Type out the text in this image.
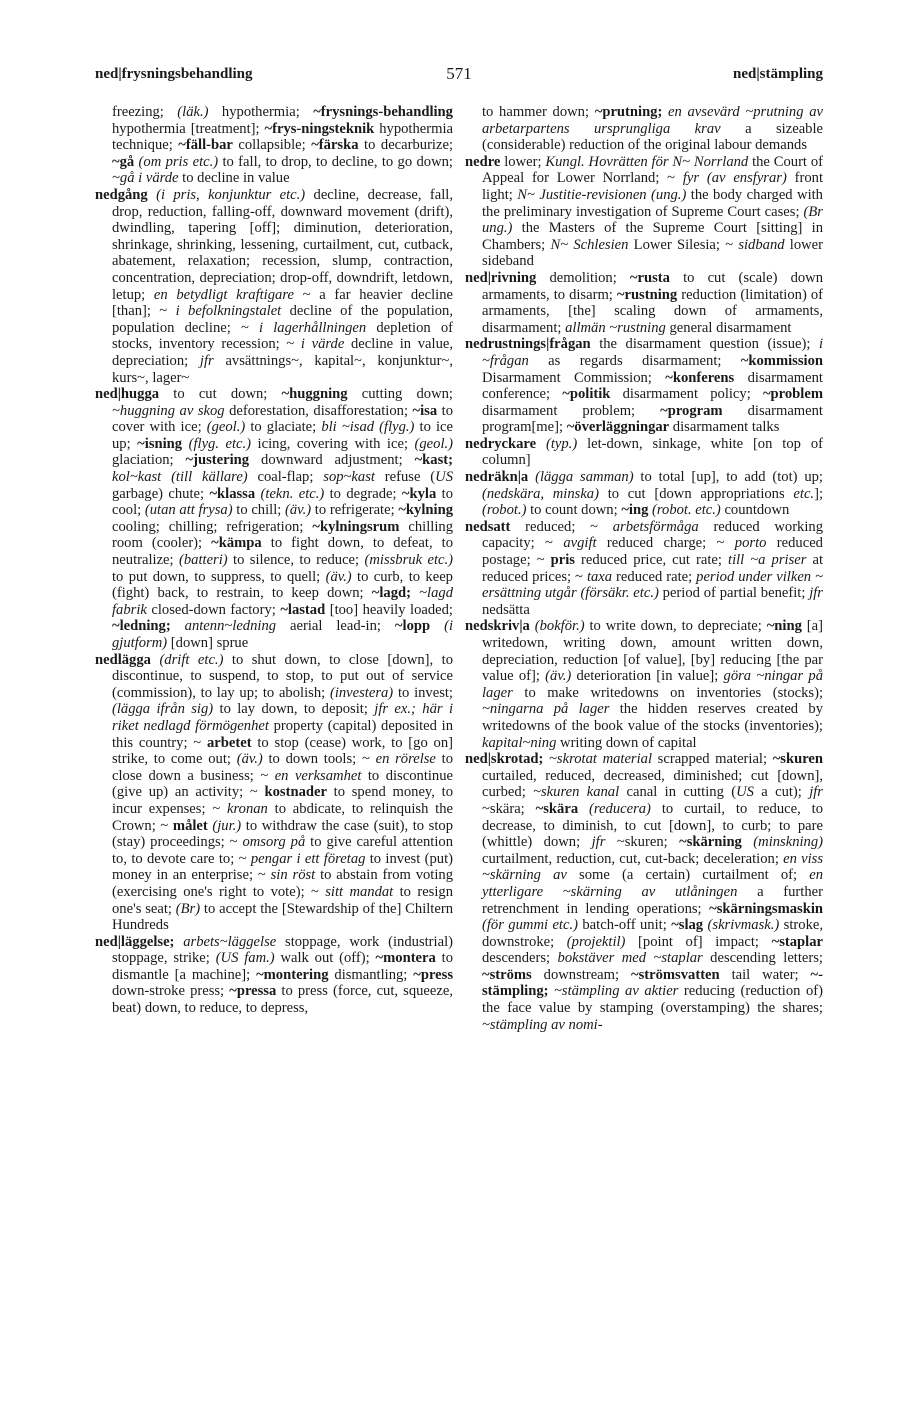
ned|frysningsbehandling	571	ned|stämpling

freezing; (läk.) hypothermia; ~frysnings-behandling hypothermia [treatment]; ~frys-ningsteknik hypothermia technique; ~fäll-bar collapsible; ~färska to decarburize; ~gå (om pris etc.) to fall, to drop, to decline, to go down; ~gå i värde to decline in value

nedgång (i pris, konjunktur etc.) decline, decrease, fall, drop, reduction, falling-off, downward movement (drift), dwindling, tapering [off]; diminution, deterioration, shrinkage, shrinking, lessening, curtailment, cut, cutback, abatement, relaxation; recession, slump, contraction, concentration, depreciation; drop-off, downdrift, letdown, letup; en betydligt kraftigare ~ a far heavier decline [than]; ~ i befolkningstalet decline of the population, population decline; ~ i lagerhållningen depletion of stocks, inventory recession; ~ i värde decline in value, depreciation; jfr avsättnings~, kapital~, konjunktur~, kurs~, lager~

ned|hugga to cut down; ~huggning cutting down; ~huggning av skog deforestation, disafforestation; ~isa to cover with ice; (geol.) to glaciate; bli ~isad (flyg.) to ice up; ~isning (flyg. etc.) icing, covering with ice; (geol.) glaciation; ~justering downward adjustment; ~kast; kol~kast (till källare) coal-flap; sop~kast refuse (US garbage) chute; ~klassa (tekn. etc.) to degrade; ~kyla to cool; (utan att frysa) to chill; (äv.) to refrigerate; ~kylning cooling; chilling; refrigeration; ~kylningsrum chilling room (cooler); ~kämpa to fight down, to defeat, to neutralize; (batteri) to silence, to reduce; (missbruk etc.) to put down, to suppress, to quell; (äv.) to curb, to keep (fight) back, to restrain, to keep down; ~lagd; ~lagd fabrik closed-down factory; ~lastad [too] heavily loaded; ~ledning; antenn~ledning aerial lead-in; ~lopp (i gjutform) [down] sprue

nedlägga (drift etc.) to shut down, to close [down], to discontinue, to suspend, to stop, to put out of service (commission), to lay up; to abolish; (investera) to invest; (lägga ifrån sig) to lay down, to deposit; jfr ex.; här i riket nedlagd förmögenhet property (capital) deposited in this country; ~ arbetet to stop (cease) work, to [go on] strike, to come out; (äv.) to down tools; ~ en rörelse to close down a business; ~ en verksamhet to discontinue (give up) an activity; ~ kostnader to spend money, to incur expenses; ~ kronan to abdicate, to relinquish the Crown; ~ målet (jur.) to withdraw the case (suit), to stop (stay) proceedings; ~ omsorg på to give careful attention to, to devote care to; ~ pengar i ett företag to invest (put) money in an enterprise; ~ sin röst to abstain from voting (exercising one's right to vote); ~ sitt mandat to resign one's seat; (Br) to accept the [Stewardship of the] Chiltern Hundreds

ned|läggelse; arbets~läggelse stoppage, work (industrial) stoppage, strike; (US fam.) walk out (off); ~montera to dismantle [a machine]; ~montering dismantling; ~press down-stroke press; ~pressa to press (force, cut, squeeze, beat) down, to reduce, to depress,

to hammer down; ~prutning; en avsevärd ~prutning av arbetarpartens ursprungliga krav a sizeable (considerable) reduction of the original labour demands

nedre lower; Kungl. Hovrätten för N~ Norrland the Court of Appeal for Lower Norrland; ~ fyr (av ensfyrar) front light; N~ Justitie-revisionen (ung.) the body charged with the preliminary investigation of Supreme Court cases; (Br ung.) the Masters of the Supreme Court [sitting] in Chambers; N~ Schlesien Lower Silesia; ~ sidband lower sideband

ned|rivning demolition; ~rusta to cut (scale) down armaments, to disarm; ~rustning reduction (limitation) of armaments, [the] scaling down of armaments, disarmament; allmän ~rustning general disarmament

nedrustnings|frågan the disarmament question (issue); i ~frågan as regards disarmament; ~kommission Disarmament Commission; ~konferens disarmament conference; ~politik disarmament policy; ~problem disarmament problem; ~program disarmament program[me]; ~överläggningar disarmament talks

nedryckare (typ.) let-down, sinkage, white [on top of column]

nedräkn|a (lägga samman) to total [up], to add (tot) up; (nedskära, minska) to cut [down appropriations etc.]; (robot.) to count down; ~ing (robot. etc.) countdown

nedsatt reduced; ~ arbetsförmåga reduced working capacity; ~ avgift reduced charge; ~ porto reduced postage; ~ pris reduced price, cut rate; till ~a priser at reduced prices; ~ taxa reduced rate; period under vilken ~ ersättning utgår (försäkr. etc.) period of partial benefit; jfr nedsätta

nedskriv|a (bokför.) to write down, to depreciate; ~ning [a] writedown, writing down, amount written down, depreciation, reduction [of value], [by] reducing [the par value of]; (äv.) deterioration [in value]; göra ~ningar på lager to make writedowns on inventories (stocks); ~ningarna på lager the hidden reserves created by writedowns of the book value of the stocks (inventories); kapital~ning writing down of capital

ned|skrotad; ~skrotat material scrapped material; ~skuren curtailed, reduced, decreased, diminished; cut [down], curbed; ~skuren kanal canal in cutting (US a cut); jfr ~skära; ~skära (reducera) to curtail, to reduce, to decrease, to diminish, to cut [down], to curb; to pare (whittle) down; jfr ~skuren; ~skärning (minskning) curtailment, reduction, cut, cut-back; deceleration; en viss ~skärning av some (a certain) curtailment of; en ytterligare ~skärning av utlåningen a further retrenchment in lending operations; ~skärningsmaskin (för gummi etc.) batch-off unit; ~slag (skrivmask.) stroke, downstroke; (projektil) [point of] impact; ~staplar descenders; bokstäver med ~staplar descending letters; ~ströms downstream; ~strömsvatten tail water; ~-stämpling; ~stämpling av aktier reducing (reduction of) the face value by stamping (overstamping) the shares; ~stämpling av nomi-
